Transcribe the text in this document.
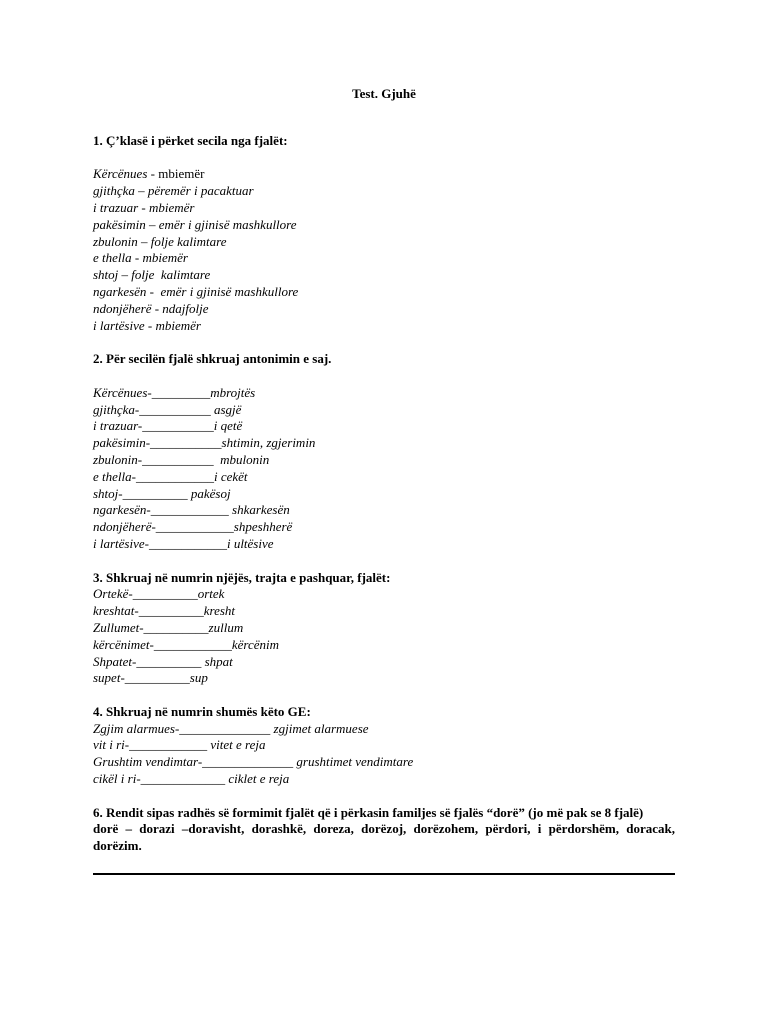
Test. Gjuhë

1. Ç’klasë i përket secila nga fjalët:

Kërcënues - mbiemër

gjithçka – përemër i pacaktuar

i trazuar - mbiemër

pakësimin – emër i gjinisë mashkullore

zbulonin – folje kalimtare

e thella - mbiemër

shtoj – folje  kalimtare

ngarkesën -  emër i gjinisë mashkullore

ndonjëherë - ndajfolje

i lartësive - mbiemër

2. Për secilën fjalë shkruaj antonimin e saj.

Kërcënues-_________mbrojtës

gjithçka-___________ asgjë

i trazuar-___________i qetë

pakësimin-___________shtimin, zgjerimin

zbulonin-___________  mbulonin

e thella-____________i cekët

shtoj-__________ pakësoj

ngarkesën-____________ shkarkesën

ndonjëherë-____________shpeshherë

i lartësive-____________i ultësive

3. Shkruaj në numrin njëjës, trajta e pashquar, fjalët:

Ortekë-__________ortek

kreshtat-__________kresht

Zullumet-__________zullum

kërcënimet-____________kërcënim

Shpatet-__________ shpat

supet-__________sup

4. Shkruaj në numrin shumës këto GE:

Zgjim alarmues-______________ zgjimet alarmuese

vit i ri-____________ vitet e reja

Grushtim vendimtar-______________ grushtimet vendimtare

cikël i ri-_____________ ciklet e reja

6. Rendit sipas radhës së formimit fjalët që i përkasin familjes së fjalës “dorë” (jo më pak se 8 fjalë)

dorë – dorazi –doravisht, dorashkë, doreza, dorëzoj, dorëzohem, përdori, i përdorshëm, doracak, dorëzim.
